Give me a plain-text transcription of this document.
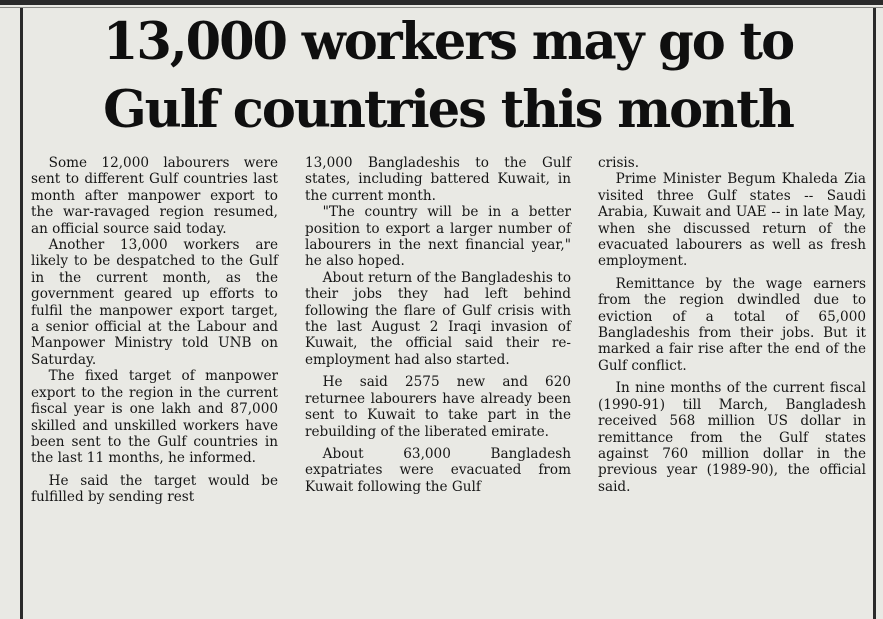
13,000 workers may go to
Gulf countries this month

Some 12,000 labourers were sent to different Gulf countries last month after manpower export to the war-ravaged region resumed, an official source said today.

Another 13,000 workers are likely to be despatched to the Gulf in the current month, as the government geared up efforts to fulfil the manpower export target, a senior official at the Labour and Manpower Ministry told UNB on Saturday.

The fixed target of manpower export to the region in the current fiscal year is one lakh and 87,000 skilled and unskilled workers have been sent to the Gulf countries in the last 11 months, he informed.

He said the target would be fulfilled by sending rest

13,000 Bangladeshis to the Gulf states, including battered Kuwait, in the current month.

"The country will be in a better position to export a larger number of labourers in the next financial year," he also hoped.

About return of the Bangladeshis to their jobs they had left behind following the flare of Gulf crisis with the last August 2 Iraqi invasion of Kuwait, the official said their re-employment had also started.

He said 2575 new and 620 returnee labourers have already been sent to Kuwait to take part in the rebuilding of the liberated emirate.

About 63,000 Bangladesh expatriates were evacuated from Kuwait following the Gulf

crisis.

Prime Minister Begum Khaleda Zia visited three Gulf states -- Saudi Arabia, Kuwait and UAE -- in late May, when she discussed return of the evacuated labourers as well as fresh employment.

Remittance by the wage earners from the region dwindled due to eviction of a total of 65,000 Bangladeshis from their jobs. But it marked a fair rise after the end of the Gulf conflict.

In nine months of the current fiscal (1990-91) till March, Bangladesh received 568 million US dollar in remittance from the Gulf states against 760 million dollar in the previous year (1989-90), the official said.
